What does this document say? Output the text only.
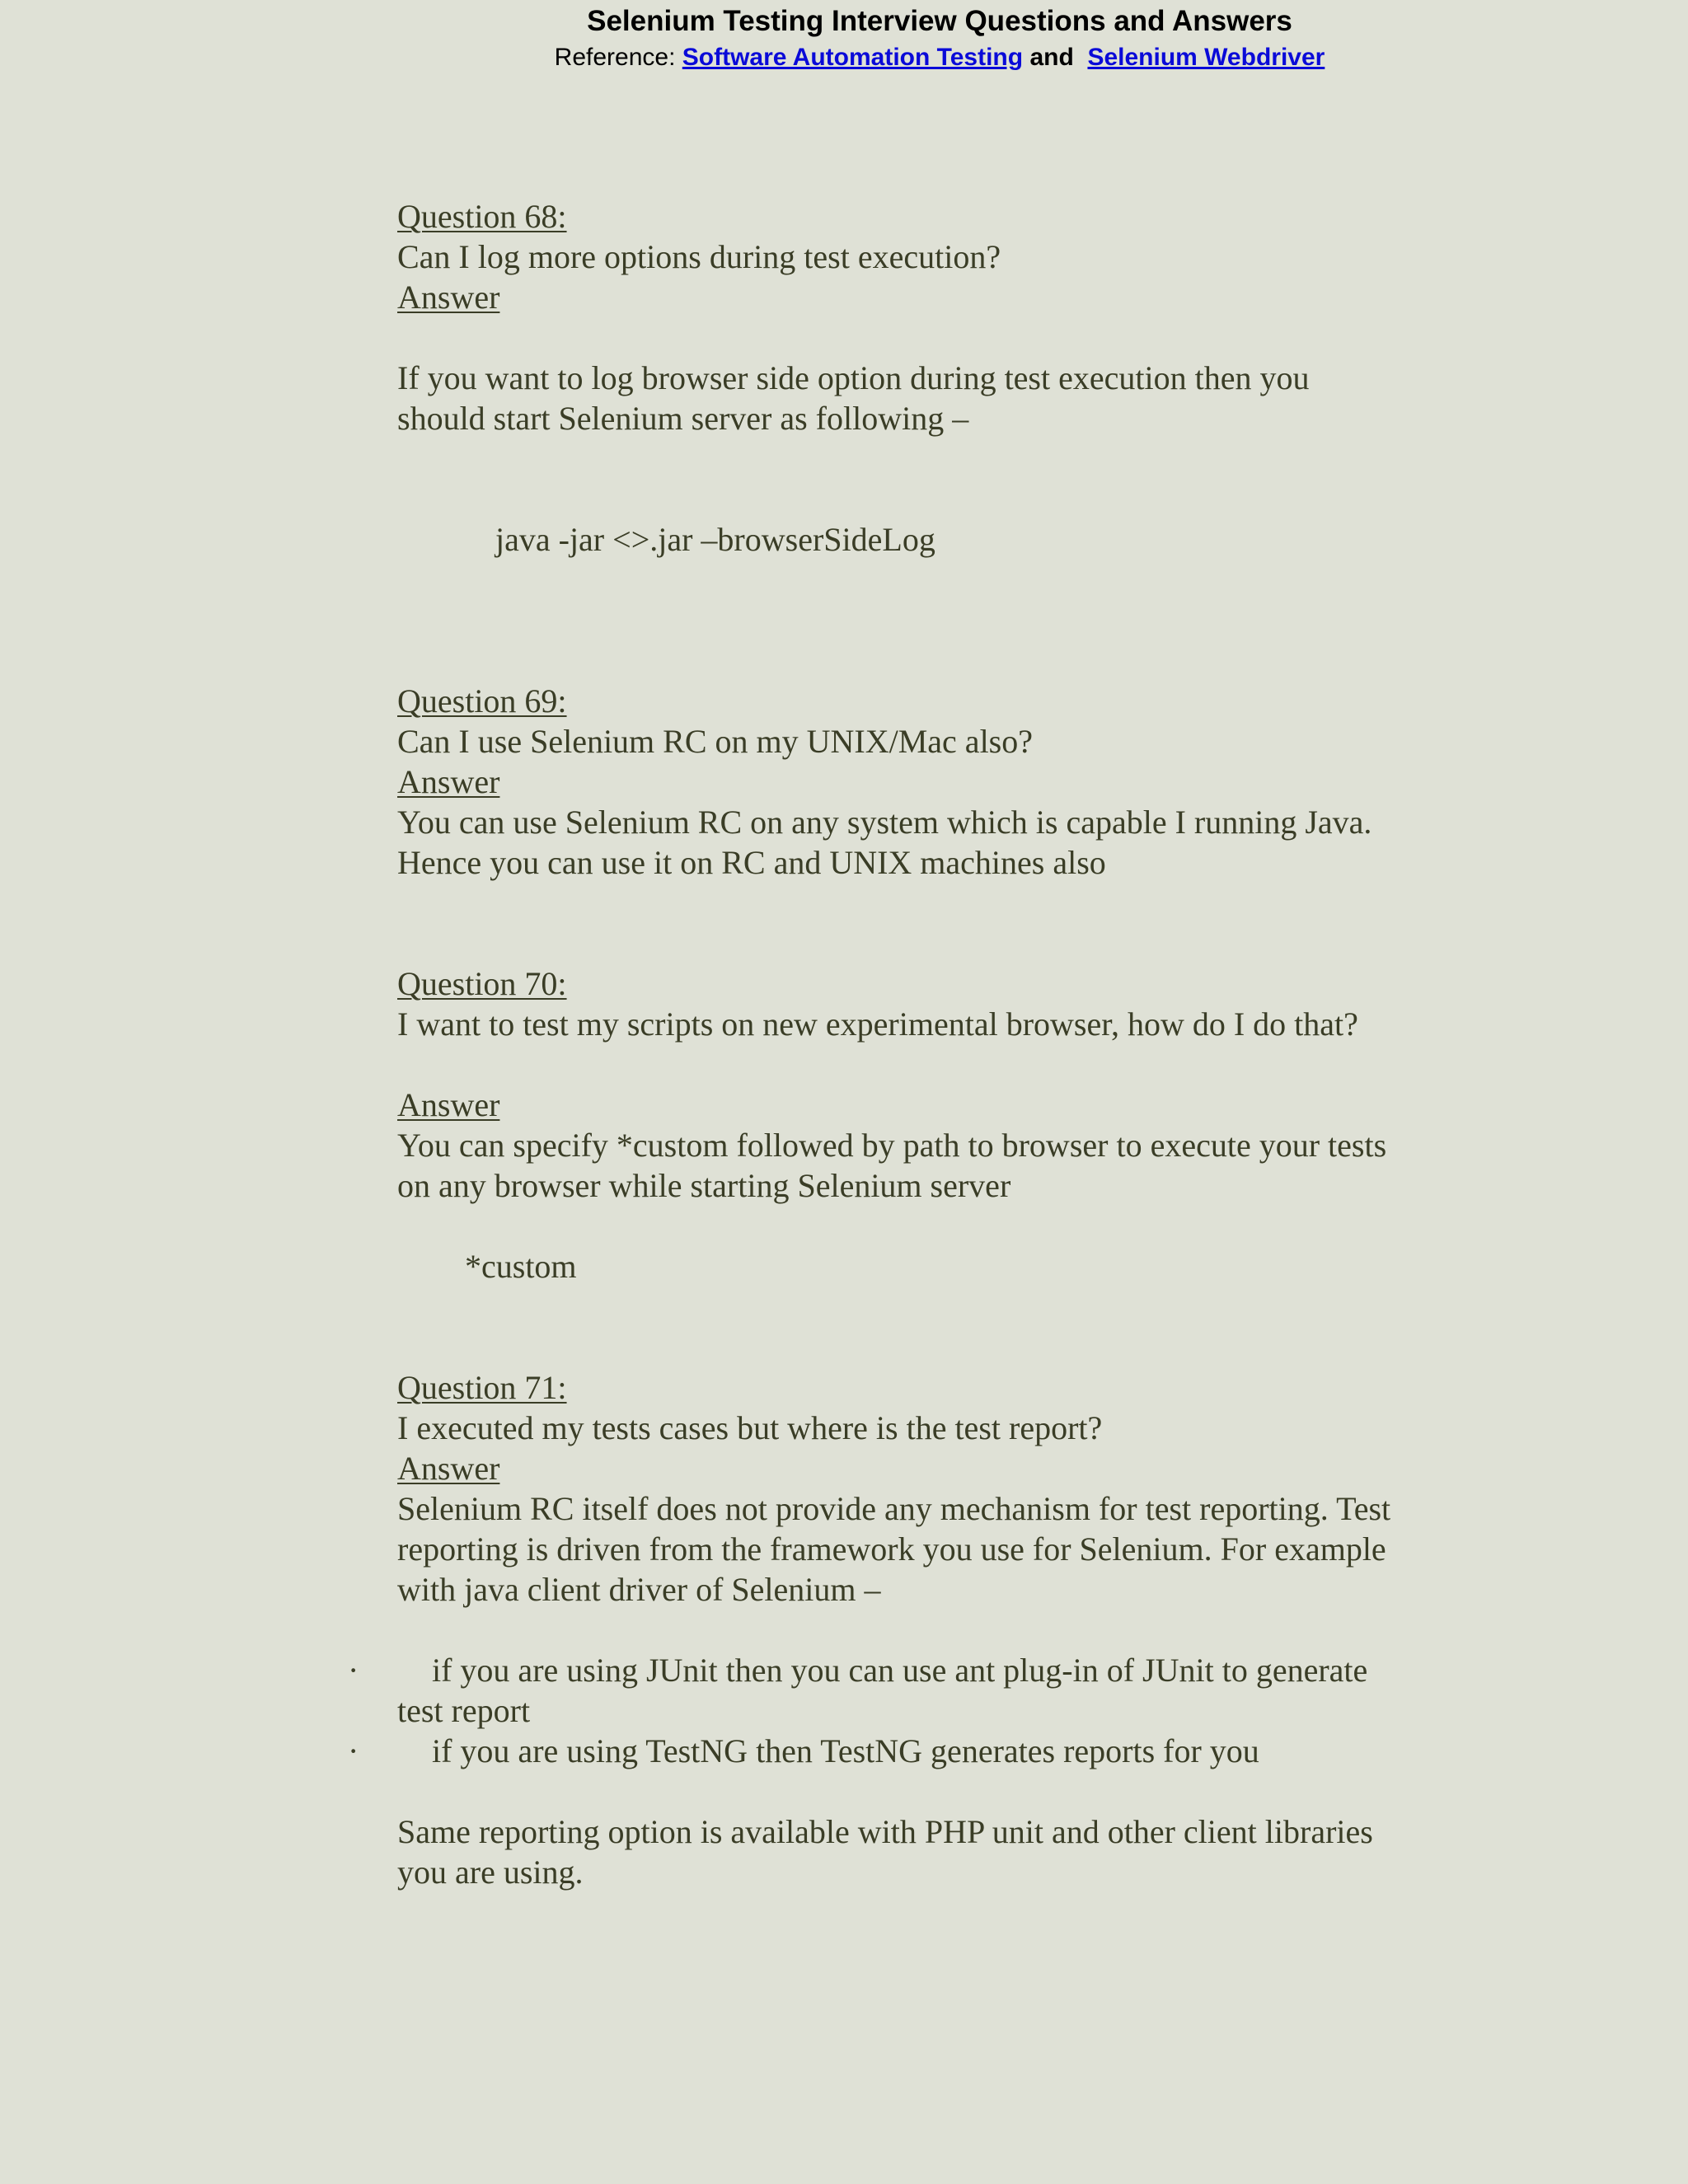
Selenium Testing Interview Questions and Answers
Reference: Software Automation Testing and Selenium Webdriver
Question 68:
Can I log more options during test execution?
Answer
If you want to log browser side option during test execution then you
should start Selenium server as following –
java -jar <>.jar –browserSideLog
Question 69:
Can I use Selenium RC on my UNIX/Mac also?
Answer
You can use Selenium RC on any system which is capable I running Java.
Hence you can use it on RC and UNIX machines also
Question 70:
I want to test my scripts on new experimental browser, how do I do that?
Answer
You can specify *custom followed by path to browser to execute your tests
on any browser while starting Selenium server
*custom
Question 71:
I executed my tests cases but where is the test report?
Answer
Selenium RC itself does not provide any mechanism for test reporting. Test
reporting is driven from the framework you use for Selenium. For example
with java client driver of Selenium –
· if you are using JUnit then you can use ant plug-in of JUnit to generate
test report
· if you are using TestNG then TestNG generates reports for you
Same reporting option is available with PHP unit and other client libraries
you are using.
